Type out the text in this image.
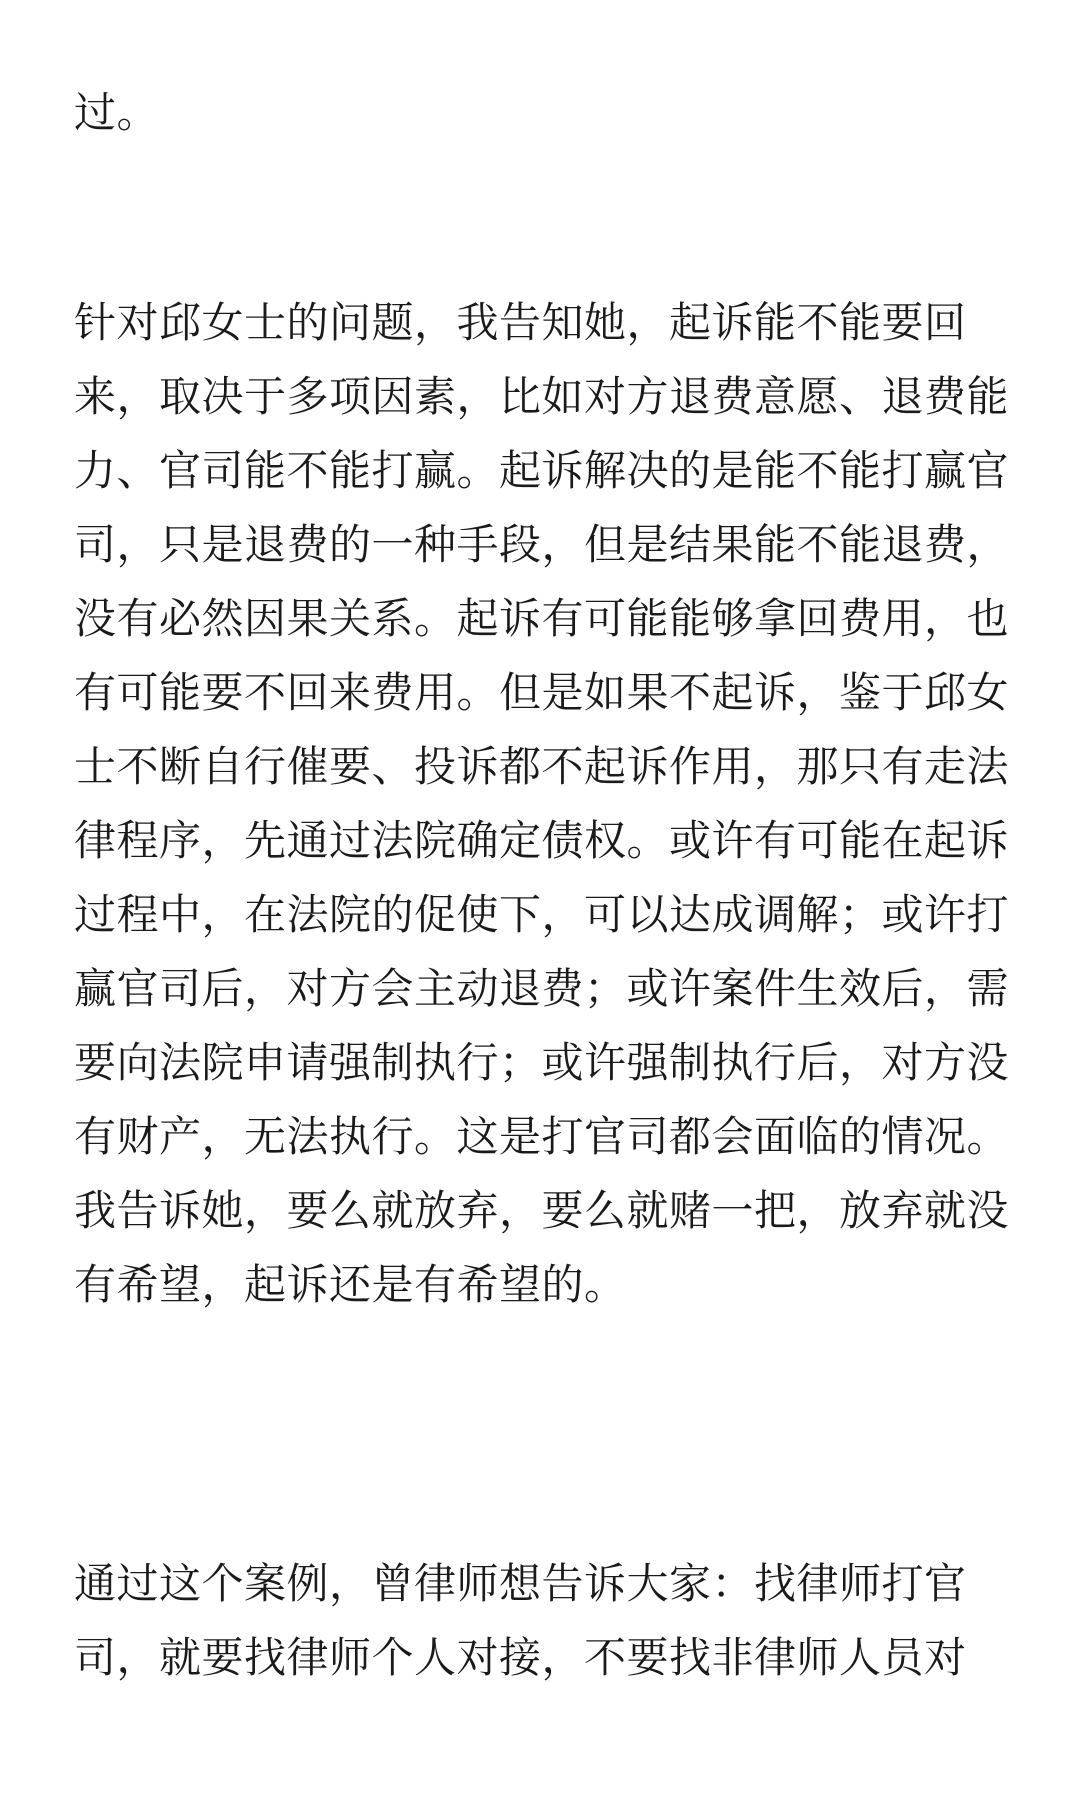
过。

针对邱女士的问题，我告知她，起诉能不能要回
来，取决于多项因素，比如对方退费意愿、退费能
力、官司能不能打赢。起诉解决的是能不能打赢官
司，只是退费的一种手段，但是结果能不能退费，
没有必然因果关系。起诉有可能能够拿回费用，也
有可能要不回来费用。但是如果不起诉，鉴于邱女
士不断自行催要、投诉都不起诉作用，那只有走法
律程序，先通过法院确定债权。或许有可能在起诉
过程中，在法院的促使下，可以达成调解；或许打
赢官司后，对方会主动退费；或许案件生效后，需
要向法院申请强制执行；或许强制执行后，对方没
有财产，无法执行。这是打官司都会面临的情况。
我告诉她，要么就放弃，要么就赌一把，放弃就没
有希望，起诉还是有希望的。

通过这个案例，曾律师想告诉大家：找律师打官
司，就要找律师个人对接，不要找非律师人员对
